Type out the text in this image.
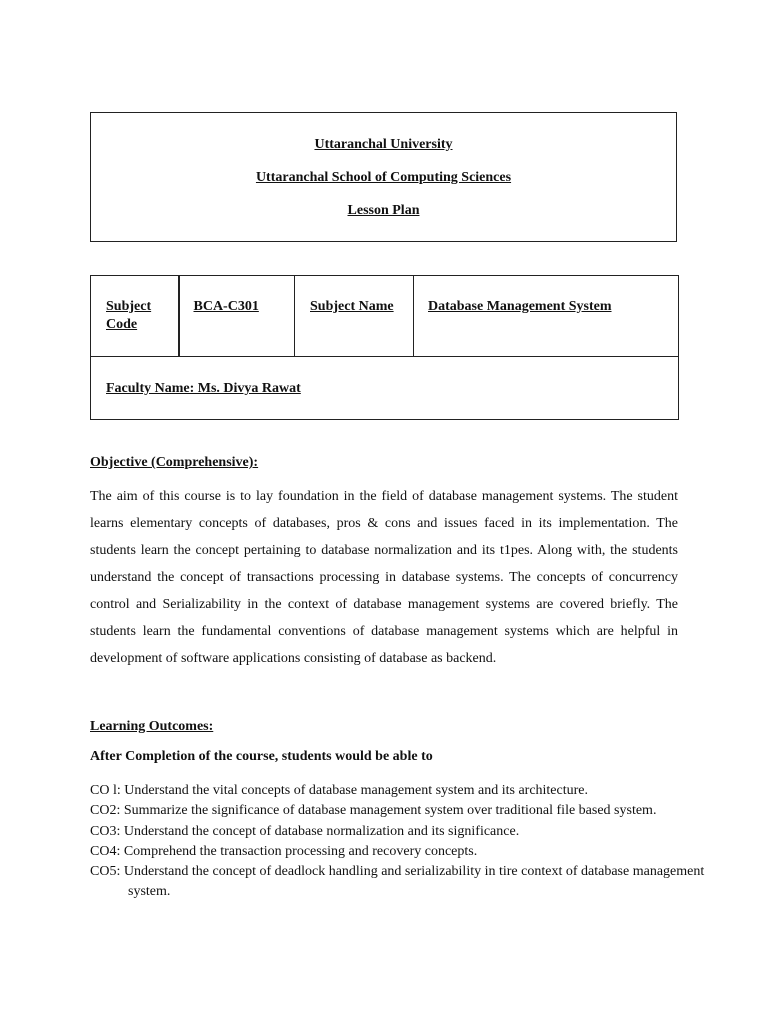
Uttaranchal University
Uttaranchal School of Computing Sciences
Lesson Plan
Subject Code	BCA-C301	Subject Name	Database Management System
Faculty Name: Ms. Divya Rawat
Objective (Comprehensive):

The aim of this course is to lay foundation in the field of database management systems. The student learns elementary concepts of databases, pros & cons and issues faced in its implementation. The students learn the concept pertaining to database normalization and its t1pes. Along with, the students understand the concept of transactions processing in database systems. The concepts of concurrency control and Serializability in the context of database management systems are covered briefly. The students learn the fundamental conventions of database management systems which are helpful in development of software applications consisting of database as backend.

Learning Outcomes:
After Completion of the course, students would be able to
CO l: Understand the vital concepts of database management system and its architecture.
CO2: Summarize the significance of database management system over traditional file based system.
CO3: Understand the concept of database normalization and its significance.
CO4: Comprehend the transaction processing and recovery concepts.
CO5: Understand the concept of deadlock handling and serializability in tire context of database management system.
